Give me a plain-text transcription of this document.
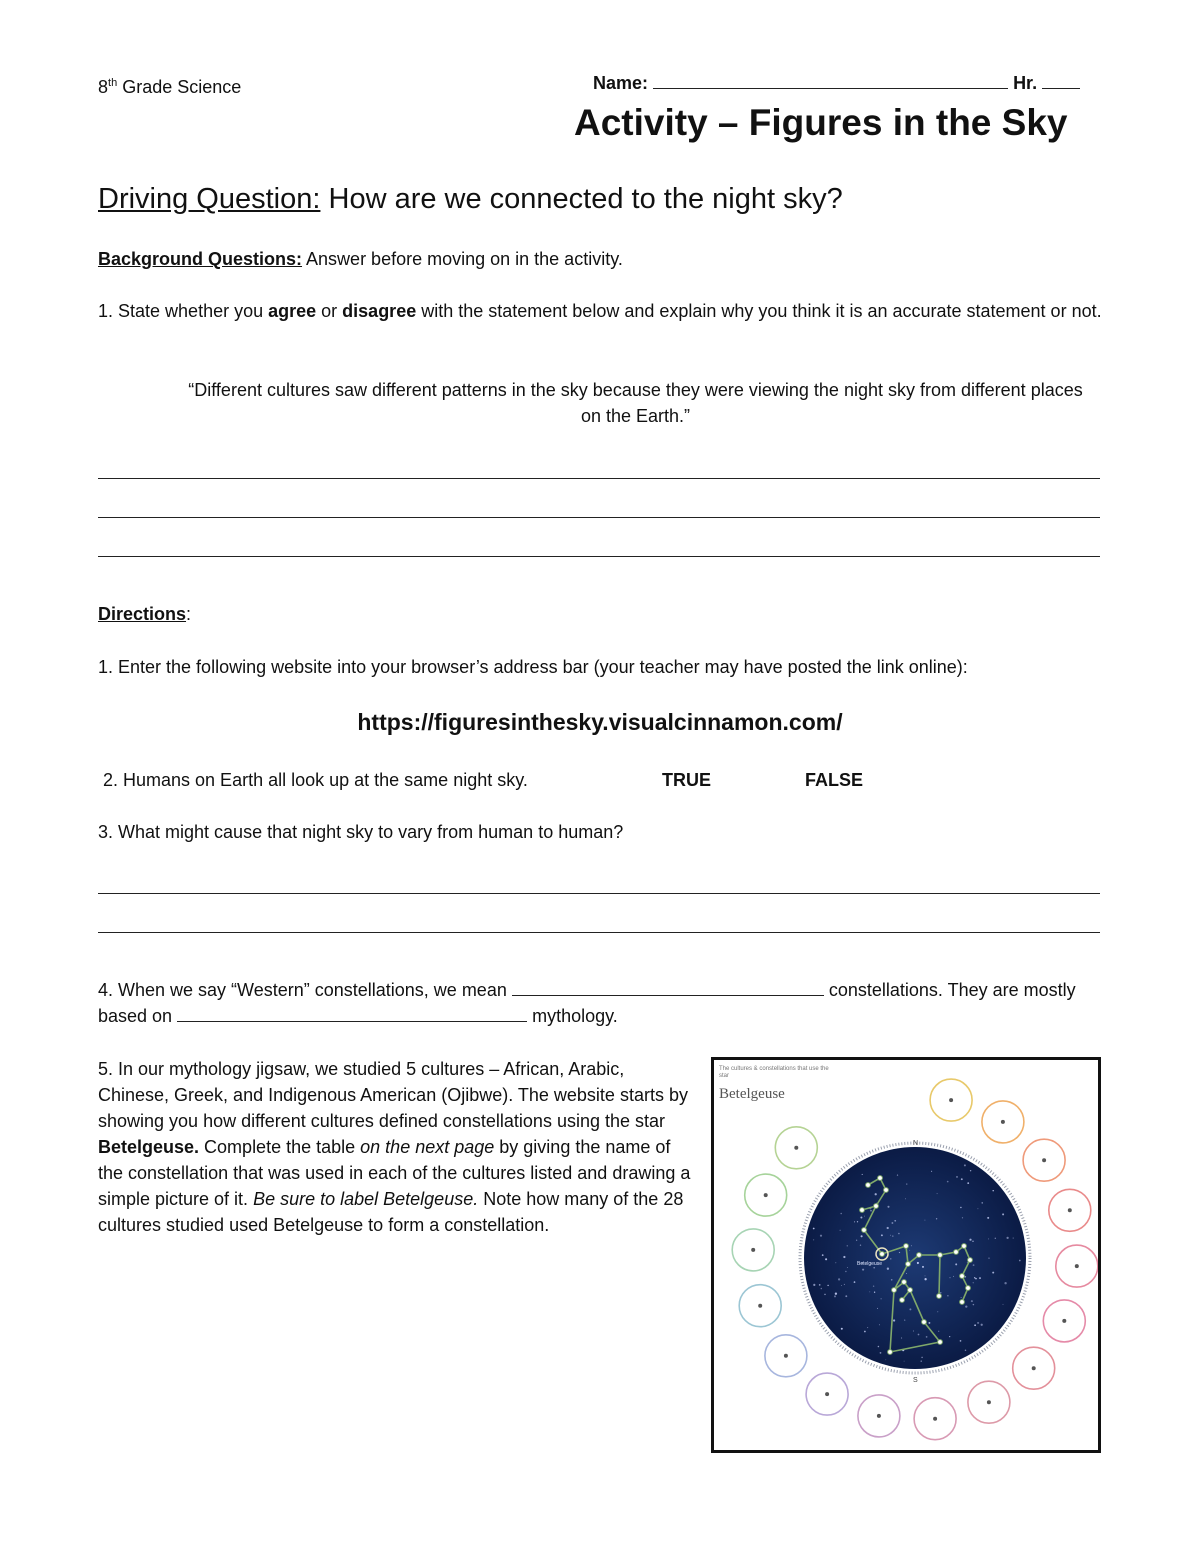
8th Grade Science	Name:	Hr.
Activity – Figures in the Sky
Driving Question: How are we connected to the night sky?
Background Questions: Answer before moving on in the activity.
1. State whether you agree or disagree with the statement below and explain why you think it is an accurate statement or not.
“Different cultures saw different patterns in the sky because they were viewing the night sky from different places on the Earth.”
Directions:
1. Enter the following website into your browser’s address bar (your teacher may have posted the link online):
https://figuresinthesky.visualcinnamon.com/
2. Humans on Earth all look up at the same night sky.	TRUE	FALSE
3. What might cause that night sky to vary from human to human?
4. When we say “Western” constellations, we mean	constellations. They are mostly based on	mythology.
5. In our mythology jigsaw, we studied 5 cultures – African, Arabic, Chinese, Greek, and Indigenous American (Ojibwe). The website starts by showing you how different cultures defined constellations using the star Betelgeuse. Complete the table on the next page by giving the name of the constellation that was used in each of the cultures listed and drawing a simple picture of it. Be sure to label Betelgeuse. Note how many of the 28 cultures studied used Betelgeuse to form a constellation.
The cultures & constellations that use the star
Betelgeuse
Betelgeuse
N
S
